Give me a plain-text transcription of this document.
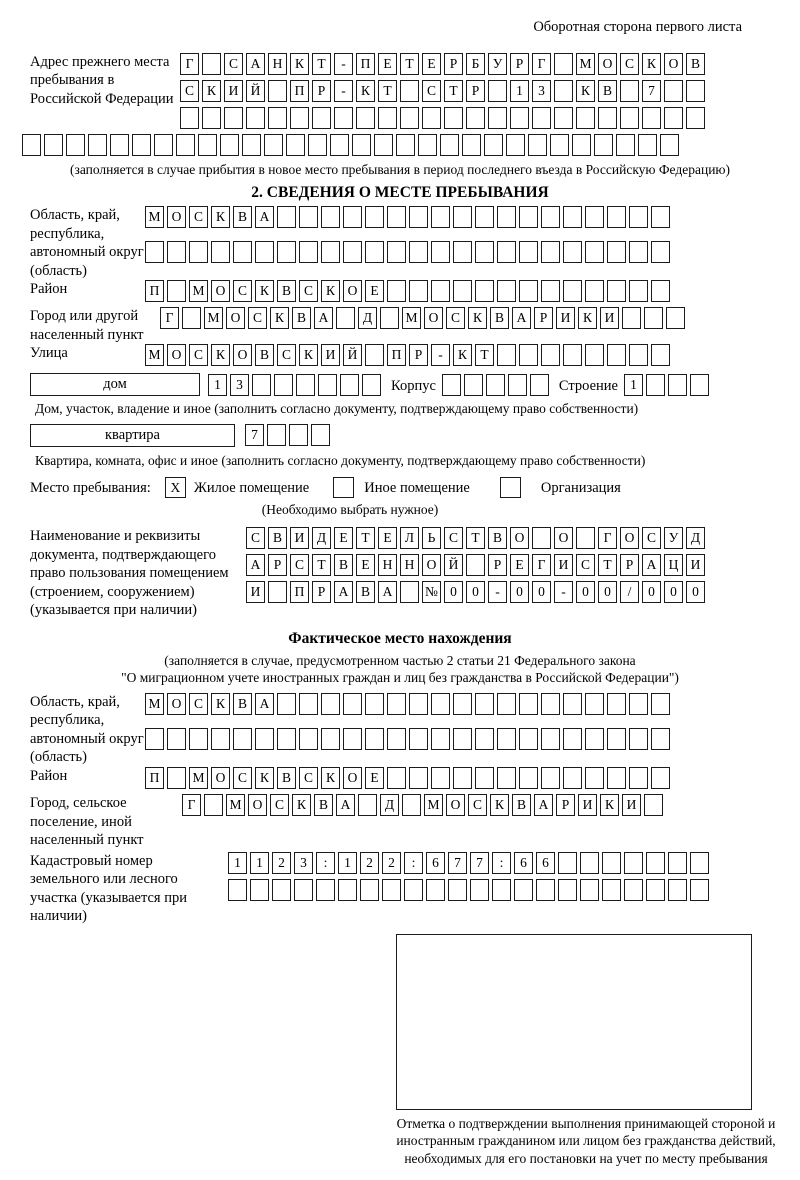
Оборотная сторона первого листа
Адрес прежнего места пребывания в Российской Федерации
Г	С А Н К Т	-	П Е	Т	Е	Р	Б У Р	Г	М О С К О В
С К И Й	П Р	-	К Т	С Т	Р	1	3	К В	7
(заполняется в случае прибытия в новое место пребывания в период последнего въезда в Российскую Федерацию)
2. СВЕДЕНИЯ О МЕСТЕ ПРЕБЫВАНИЯ
Область, край, республика, автономный округ (область)
М О С К В А
Район	П	М О С К В С К О Е
Город или другой населенный пункт
Г	М О С К В А	Д	М О С К В А Р И К И
Улица	М О С К О В С К И Й	П Р	-	К Т
дом	1	3	Корпус	Строение 1
Дом, участок, владение и иное (заполнить согласно документу, подтверждающему право собственности)
квартира	7
Квартира, комната, офис и иное (заполнить согласно документу, подтверждающему право собственности)
Место пребывания:	X Жилое помещение	Иное помещение	Организация
(Необходимо выбрать нужное)
Наименование и реквизиты документа, подтверждающего право пользования помещением (строением, сооружением) (указывается при наличии)
С В И Д Е	Т	Е Л	Ь	С Т В О	О	Г О С У Д
А Р	С Т В Е Н Н О Й	Р	Е	Г И С Т	Р А Ц И
И	П Р А В А	№ 0	0	-	0	0	-	0	0	/	0	0	0
Фактическое место нахождения
(заполняется в случае, предусмотренном частью 2 статьи 21 Федерального закона
"О миграционном учете иностранных граждан и лиц без гражданства в Российской Федерации")
Область, край, республика, автономный округ (область)
М О С К В А
Район	П	М О С К В С К О Е
Город, сельское поселение, иной населенный пункт
Г	М О С К В А	Д	М О С К В А Р И К И
Кадастровый номер земельного или лесного участка (указывается при наличии)
1	1	2	3	:	1	2	2	:	6	7	7	:	6	6
Отметка о подтверждении выполнения принимающей стороной и иностранным гражданином или лицом без гражданства действий, необходимых для его постановки на учет по месту пребывания
